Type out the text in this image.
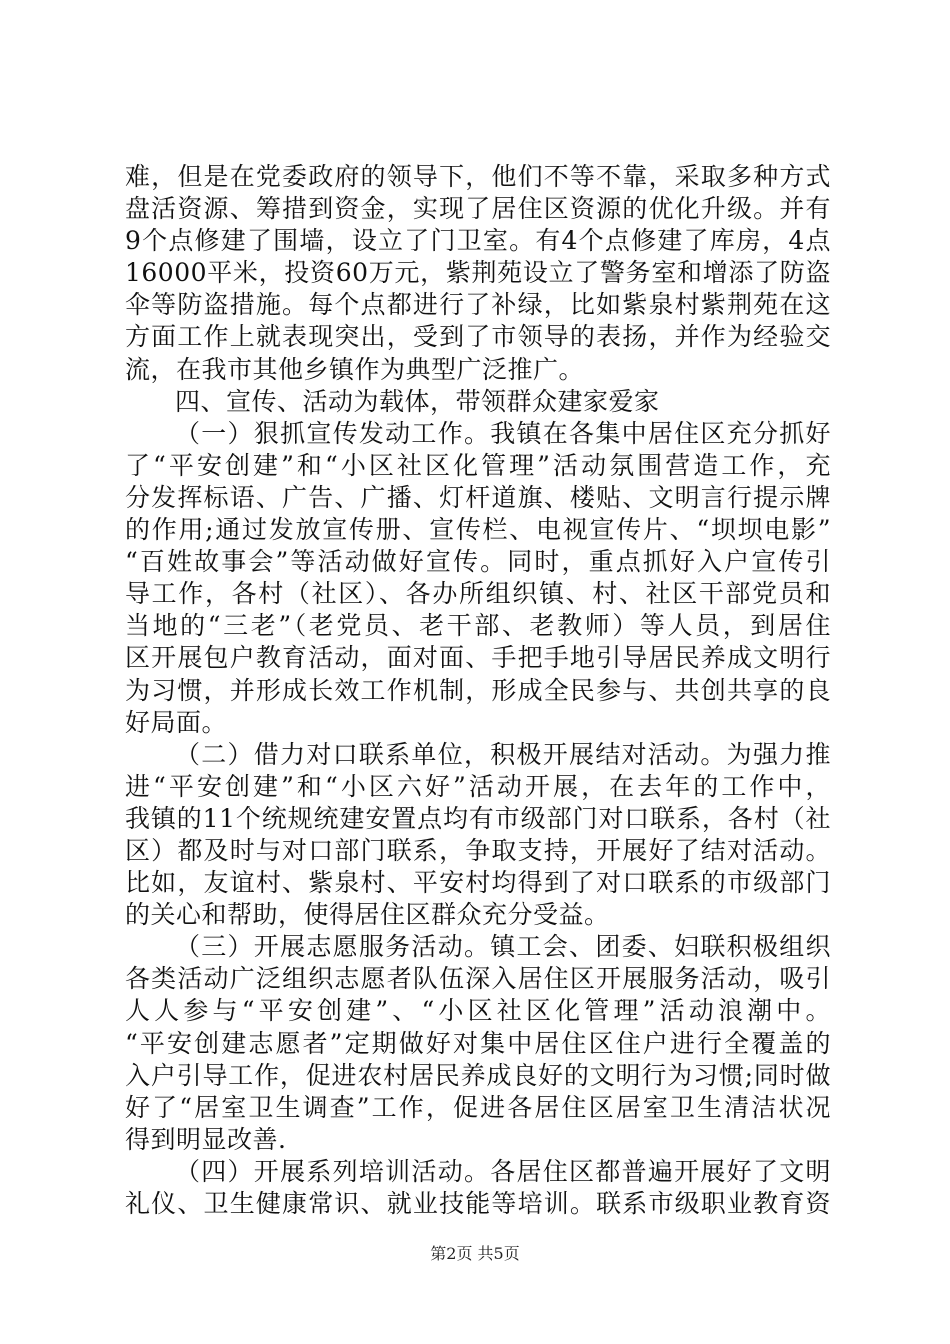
难，但是在党委政府的领导下，他们不等不靠，采取多种方式
盘活资源、筹措到资金，实现了居住区资源的优化升级。并有
9个点修建了围墙，设立了门卫室。有4个点修建了库房，4点
16000平米，投资60万元，紫荆苑设立了警务室和增添了防盗
伞等防盗措施。每个点都进行了补绿，比如紫泉村紫荆苑在这
方面工作上就表现突出，受到了市领导的表扬，并作为经验交
流，在我市其他乡镇作为典型广泛推广。
四、宣传、活动为载体，带领群众建家爱家
（一）狠抓宣传发动工作。我镇在各集中居住区充分抓好
了“平安创建”和“小区社区化管理”活动氛围营造工作，充
分发挥标语、广告、广播、灯杆道旗、楼贴、文明言行提示牌
的作用;通过发放宣传册、宣传栏、电视宣传片、“坝坝电影”
“百姓故事会”等活动做好宣传。同时，重点抓好入户宣传引
导工作，各村（社区）、各办所组织镇、村、社区干部党员和
当地的“三老”（老党员、老干部、老教师）等人员，到居住
区开展包户教育活动，面对面、手把手地引导居民养成文明行
为习惯，并形成长效工作机制，形成全民参与、共创共享的良
好局面。
（二）借力对口联系单位，积极开展结对活动。为强力推
进“平安创建”和“小区六好”活动开展，在去年的工作中，
我镇的11个统规统建安置点均有市级部门对口联系，各村（社
区）都及时与对口部门联系，争取支持，开展好了结对活动。
比如，友谊村、紫泉村、平安村均得到了对口联系的市级部门
的关心和帮助，使得居住区群众充分受益。
（三）开展志愿服务活动。镇工会、团委、妇联积极组织
各类活动广泛组织志愿者队伍深入居住区开展服务活动，吸引
人人参与“平安创建”、“小区社区化管理”活动浪潮中。
“平安创建志愿者”定期做好对集中居住区住户进行全覆盖的
入户引导工作，促进农村居民养成良好的文明行为习惯;同时做
好了“居室卫生调查”工作，促进各居住区居室卫生清洁状况
得到明显改善.
（四）开展系列培训活动。各居住区都普遍开展好了文明
礼仪、卫生健康常识、就业技能等培训。联系市级职业教育资
第2页 共5页
